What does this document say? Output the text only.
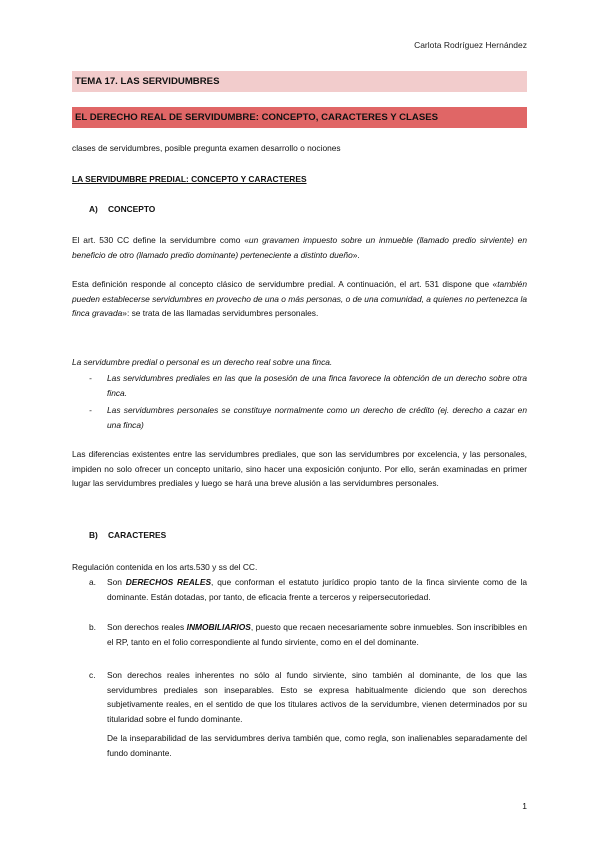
Carlota Rodríguez Hernández
TEMA 17. LAS SERVIDUMBRES
EL DERECHO REAL DE SERVIDUMBRE: CONCEPTO, CARACTERES Y CLASES
clases de servidumbres, posible pregunta examen desarrollo o nociones
LA SERVIDUMBRE PREDIAL: CONCEPTO Y CARACTERES
A) CONCEPTO
El art. 530 CC define la servidumbre como «un gravamen impuesto sobre un inmueble (llamado predio sirviente) en beneficio de otro (llamado predio dominante) perteneciente a distinto dueño».
Esta definición responde al concepto clásico de servidumbre predial. A continuación, el art. 531 dispone que «también pueden establecerse servidumbres en provecho de una o más personas, o de una comunidad, a quienes no pertenezca la finca gravada»: se trata de las llamadas servidumbres personales.
La servidumbre predial o personal es un derecho real sobre una finca.
- Las servidumbres prediales en las que la posesión de una finca favorece la obtención de un derecho sobre otra finca.
- Las servidumbres personales se constituye normalmente como un derecho de crédito (ej. derecho a cazar en una finca)
Las diferencias existentes entre las servidumbres prediales, que son las servidumbres por excelencia, y las personales, impiden no solo ofrecer un concepto unitario, sino hacer una exposición conjunto. Por ello, serán examinadas en primer lugar las servidumbres prediales y luego se hará una breve alusión a las servidumbres personales.
B) CARACTERES
Regulación contenida en los arts.530 y ss del CC.
a. Son DERECHOS REALES, que conforman el estatuto jurídico propio tanto de la finca sirviente como de la dominante. Están dotadas, por tanto, de eficacia frente a terceros y reipersecutoriedad.
b. Son derechos reales INMOBILIARIOS, puesto que recaen necesariamente sobre inmuebles. Son inscribibles en el RP, tanto en el folio correspondiente al fundo sirviente, como en el del dominante.
c. Son derechos reales inherentes no sólo al fundo sirviente, sino también al dominante, de los que las servidumbres prediales son inseparables. Esto se expresa habitualmente diciendo que son derechos subjetivamente reales, en el sentido de que los titulares activos de la servidumbre, vienen determinados por su titularidad sobre el fundo dominante.
De la inseparabilidad de las servidumbres deriva también que, como regla, son inalienables separadamente del fundo dominante.
1
